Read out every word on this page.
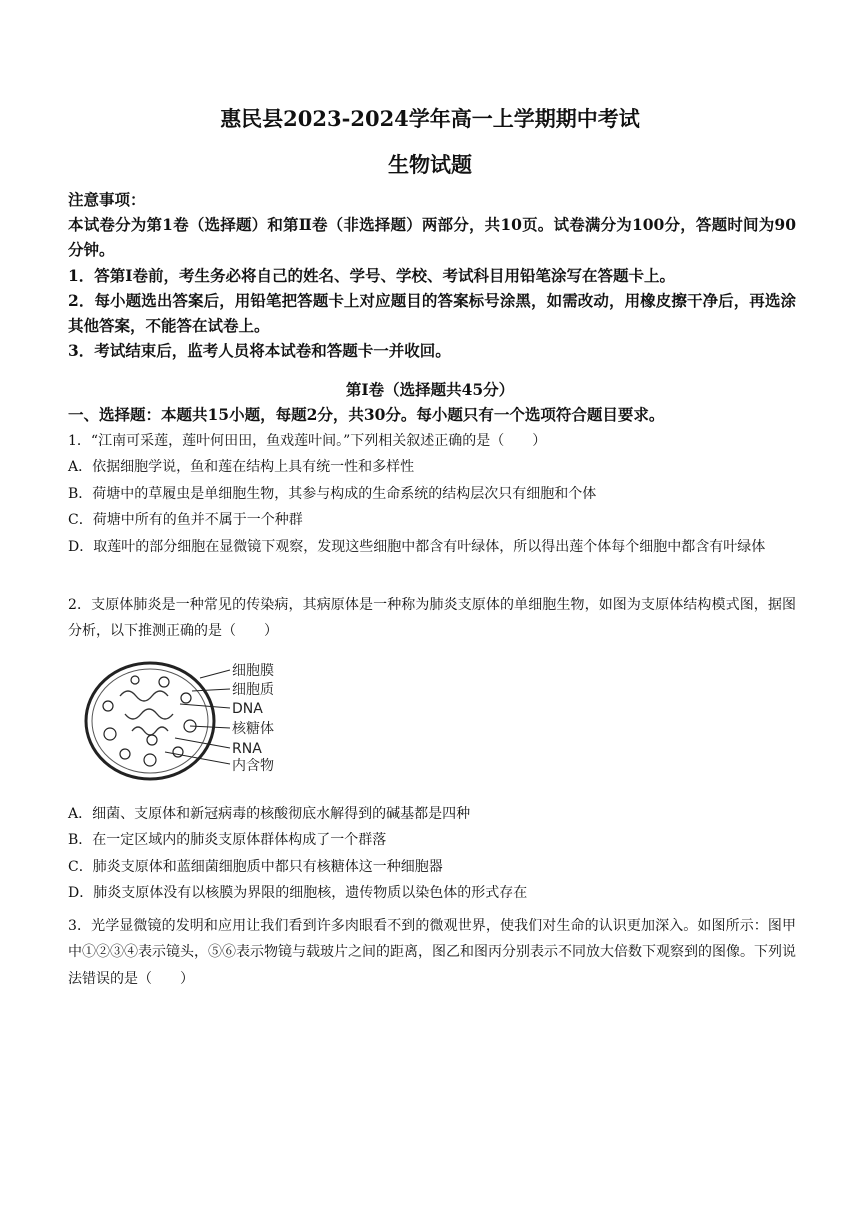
惠民县2023-2024学年高一上学期期中考试
生物试题

注意事项：

本试卷分为第1卷（选择题）和第Ⅱ卷（非选择题）两部分，共10页。试卷满分为100分，答题时间为90分钟。

1．答第I卷前，考生务必将自己的姓名、学号、学校、考试科目用铅笔涂写在答题卡上。

2．每小题选出答案后，用铅笔把答题卡上对应题目的答案标号涂黑，如需改动，用橡皮擦干净后，再选涂其他答案，不能答在试卷上。

3．考试结束后，监考人员将本试卷和答题卡一并收回。

第I卷（选择题共45分）
一、选择题：本题共15小题，每题2分，共30分。每小题只有一个选项符合题目要求。

1．“江南可采莲，莲叶何田田，鱼戏莲叶间。”下列相关叙述正确的是（　　）

A．依据细胞学说，鱼和莲在结构上具有统一性和多样性

B．荷塘中的草履虫是单细胞生物，其参与构成的生命系统的结构层次只有细胞和个体

C．荷塘中所有的鱼并不属于一个种群

D．取莲叶的部分细胞在显微镜下观察，发现这些细胞中都含有叶绿体，所以得出莲个体每个细胞中都含有叶绿体

2．支原体肺炎是一种常见的传染病，其病原体是一种称为肺炎支原体的单细胞生物，如图为支原体结构模式图，据图分析，以下推测正确的是（　　）

细胞膜
细胞质
DNA
核糖体
RNA
内含物

A．细菌、支原体和新冠病毒的核酸彻底水解得到的碱基都是四种

B．在一定区域内的肺炎支原体群体构成了一个群落

C．肺炎支原体和蓝细菌细胞质中都只有核糖体这一种细胞器

D．肺炎支原体没有以核膜为界限的细胞核，遗传物质以染色体的形式存在

3．光学显微镜的发明和应用让我们看到许多肉眼看不到的微观世界，使我们对生命的认识更加深入。如图所示：图甲中①②③④表示镜头，⑤⑥表示物镜与载玻片之间的距离，图乙和图丙分别表示不同放大倍数下观察到的图像。下列说法错误的是（　　）
